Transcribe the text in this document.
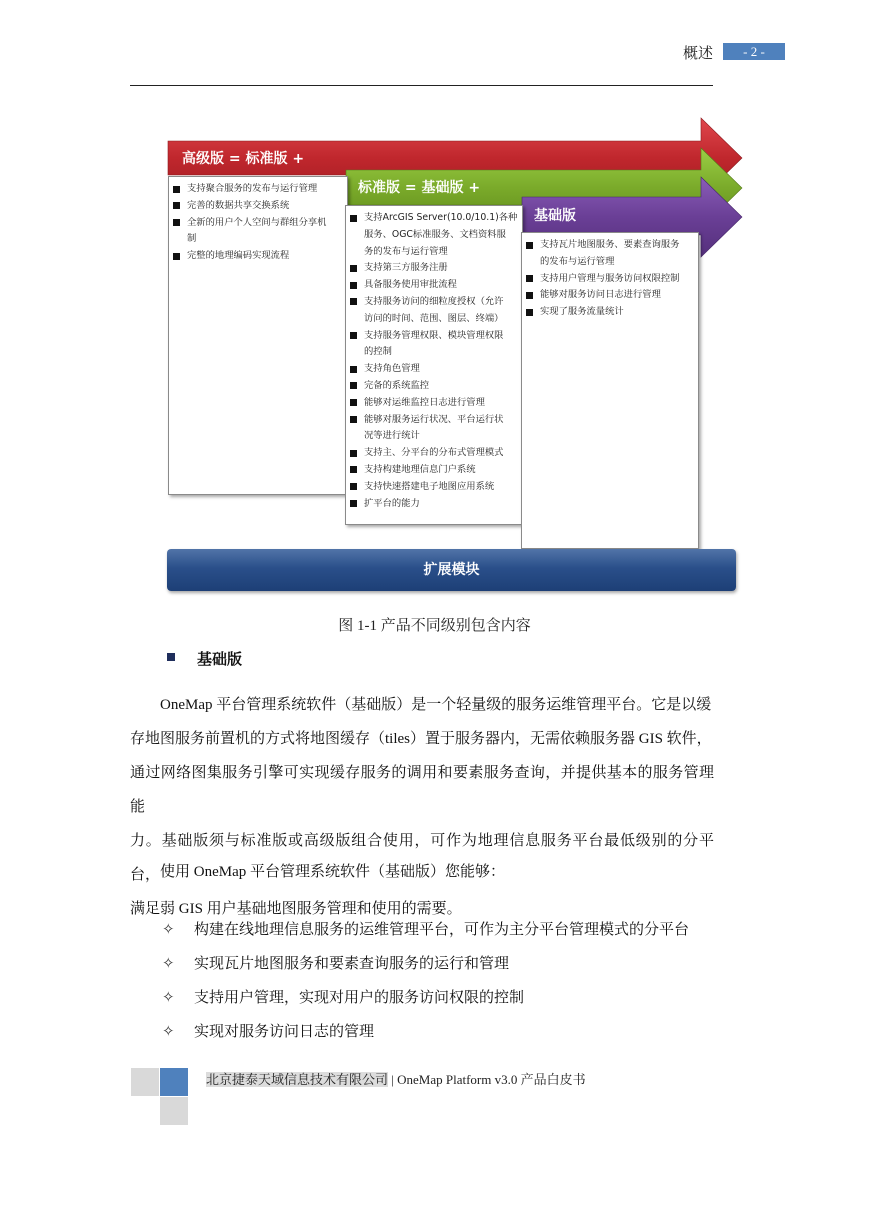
概述	- 2 -
高级版 = 标准版 +
标准版 = 基础版 +
基础版
支持聚合服务的发布与运行管理
完善的数据共享交换系统
全新的用户个人空间与群组分享机
制
完整的地理编码实现流程
支持ArcGIS Server(10.0/10.1)各种
服务、OGC标准服务、文档资料服
务的发布与运行管理
支持第三方服务注册
具备服务使用审批流程
支持服务访问的细粒度授权（允许
访问的时间、范围、图层、终端）
支持服务管理权限、模块管理权限
的控制
支持角色管理
完备的系统监控
能够对运维监控日志进行管理
能够对服务运行状况、平台运行状
况等进行统计
支持主、分平台的分布式管理模式
支持构建地理信息门户系统
支持快速搭建电子地图应用系统
扩平台的能力
支持瓦片地图服务、要素查询服务
的发布与运行管理
支持用户管理与服务访问权限控制
能够对服务访问日志进行管理
实现了服务流量统计
扩展模块
图 1-1 产品不同级别包含内容
基础版
OneMap 平台管理系统软件（基础版）是一个轻量级的服务运维管理平台。它是以缓
存地图服务前置机的方式将地图缓存（tiles）置于服务器内，无需依赖服务器 GIS 软件，
通过网络图集服务引擎可实现缓存服务的调用和要素服务查询，并提供基本的服务管理能
力。基础版须与标准版或高级版组合使用，可作为地理信息服务平台最低级别的分平台，
满足弱 GIS 用户基础地图服务管理和使用的需要。
使用 OneMap 平台管理系统软件（基础版）您能够：
✧ 构建在线地理信息服务的运维管理平台，可作为主分平台管理模式的分平台
✧ 实现瓦片地图服务和要素查询服务的运行和管理
✧ 支持用户管理，实现对用户的服务访问权限的控制
✧ 实现对服务访问日志的管理
北京捷泰天域信息技术有限公司 | OneMap Platform v3.0 产品白皮书
